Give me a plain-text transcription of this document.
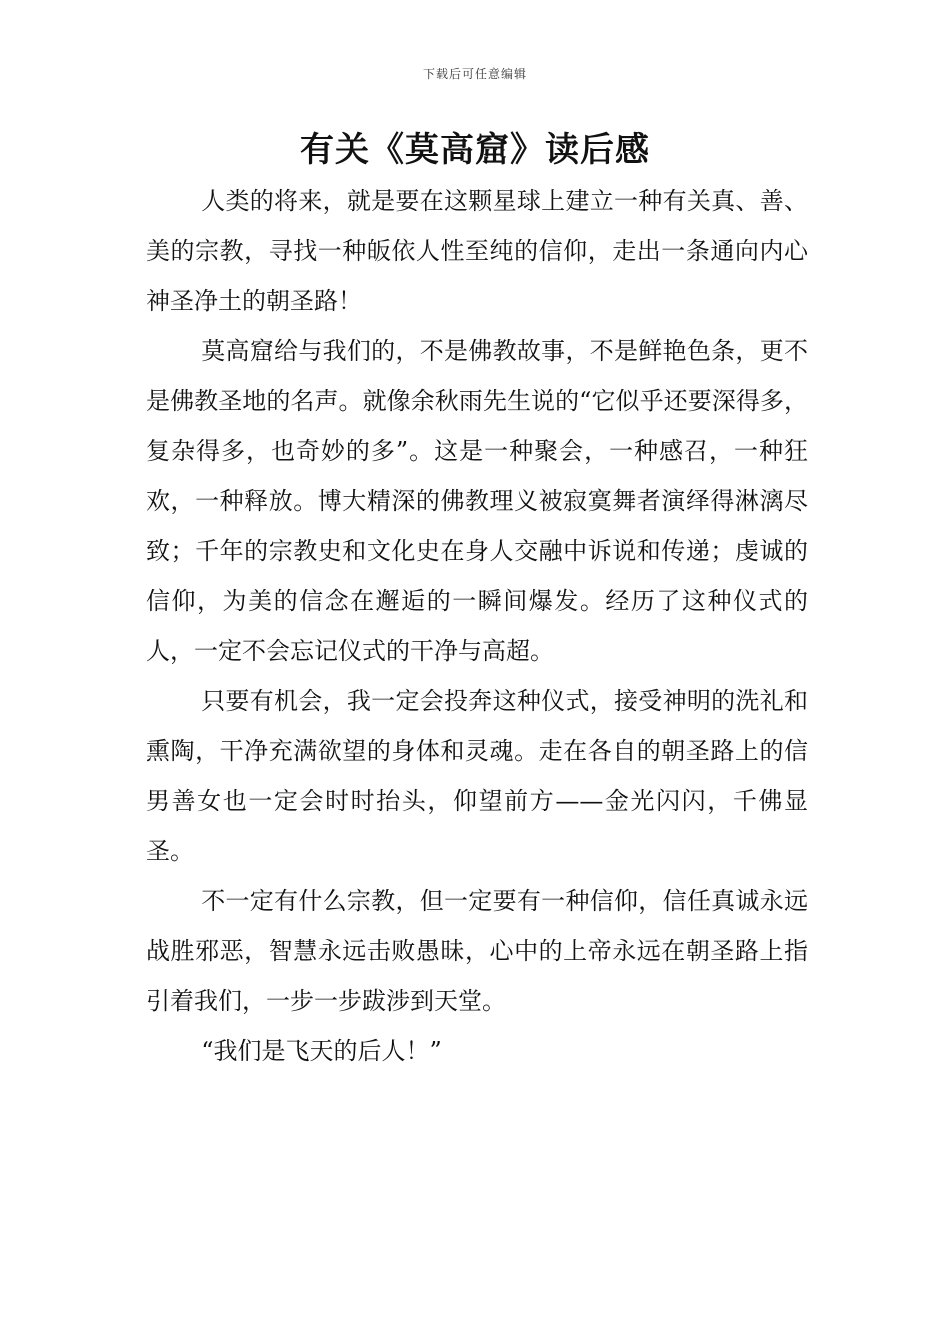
下载后可任意编辑
有关《莫高窟》读后感

人类的将来，就是要在这颗星球上建立一种有关真、善、美的宗教，寻找一种皈依人性至纯的信仰，走出一条通向内心神圣净土的朝圣路！

莫高窟给与我们的，不是佛教故事，不是鲜艳色条，更不是佛教圣地的名声。就像余秋雨先生说的“它似乎还要深得多，复杂得多，也奇妙的多”。这是一种聚会，一种感召，一种狂欢，一种释放。博大精深的佛教理义被寂寞舞者演绎得淋漓尽致；千年的宗教史和文化史在身人交融中诉说和传递；虔诚的信仰，为美的信念在邂逅的一瞬间爆发。经历了这种仪式的人，一定不会忘记仪式的干净与高超。

只要有机会，我一定会投奔这种仪式，接受神明的洗礼和熏陶，干净充满欲望的身体和灵魂。走在各自的朝圣路上的信男善女也一定会时时抬头，仰望前方——金光闪闪，千佛显圣。

不一定有什么宗教，但一定要有一种信仰，信任真诚永远战胜邪恶，智慧永远击败愚昧，心中的上帝永远在朝圣路上指引着我们，一步一步跋涉到天堂。

“我们是飞天的后人！”
